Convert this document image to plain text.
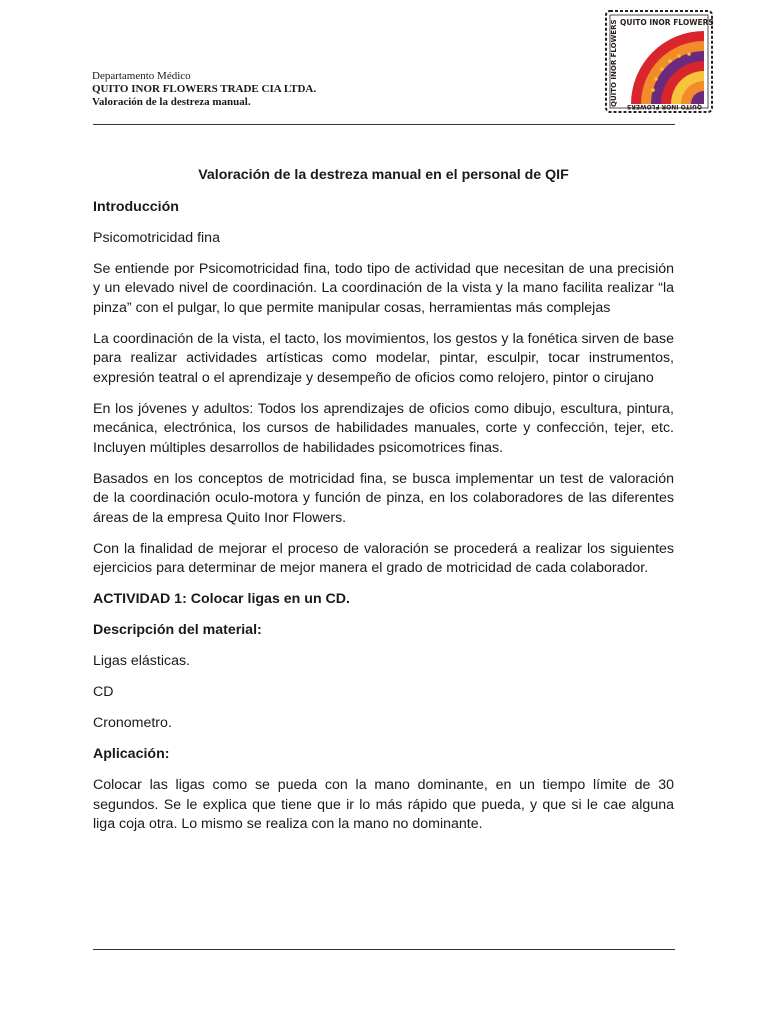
Departamento Médico
QUITO INOR FLOWERS TRADE CIA LTDA.
Valoración de la destreza manual.
QUITO INOR FLOWERS
QUITO INOR FLOWERS QUITO INOR FLOWERS

Valoración de la destreza manual en el personal de QIF

Introducción

Psicomotricidad fina

Se entiende por Psicomotricidad fina, todo tipo de actividad que necesitan de una precisión y un elevado nivel de coordinación. La coordinación de la vista y la mano facilita realizar “la pinza” con el pulgar, lo que permite manipular cosas, herramientas más complejas

La coordinación de la vista, el tacto, los movimientos, los gestos y la fonética sirven de base para realizar actividades artísticas como modelar, pintar, esculpir, tocar instrumentos, expresión teatral o el aprendizaje y desempeño de oficios como relojero, pintor o cirujano

En los jóvenes y adultos: Todos los aprendizajes de oficios como dibujo, escultura, pintura, mecánica, electrónica, los cursos de habilidades manuales, corte y confección, tejer, etc. Incluyen múltiples desarrollos de habilidades psicomotrices finas.

Basados en los conceptos de motricidad fina, se busca implementar un test de valoración de la coordinación oculo-motora y función de pinza, en los colaboradores de las diferentes áreas de la empresa Quito Inor Flowers.

Con la finalidad de mejorar el proceso de valoración se procederá a realizar los siguientes ejercicios para determinar de mejor manera el grado de motricidad de cada colaborador.

ACTIVIDAD 1: Colocar ligas en un CD.

Descripción del material:

Ligas elásticas.

CD

Cronometro.

Aplicación:

Colocar las ligas como se pueda con la mano dominante, en un tiempo límite de 30 segundos. Se le explica que tiene que ir lo más rápido que pueda, y que si le cae alguna liga coja otra. Lo mismo se realiza con la mano no dominante.
